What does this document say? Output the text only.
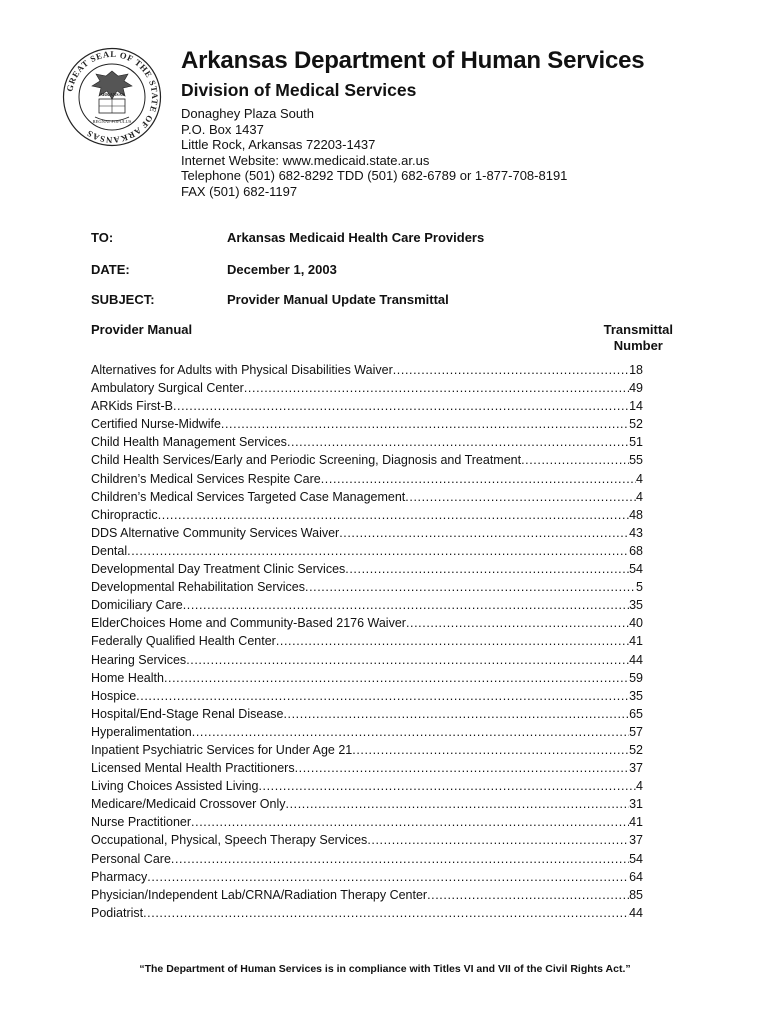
GREAT SEAL OF THE STATE OF ARKANSAS
REGNAT POPULUS
ARKANSAS
Arkansas Department of Human Services
Division of Medical Services
Donaghey Plaza South
P.O. Box 1437
Little Rock, Arkansas 72203-1437
Internet Website: www.medicaid.state.ar.us
Telephone (501) 682-8292 TDD (501) 682-6789 or 1-877-708-8191
FAX (501) 682-1197
TO:	Arkansas Medicaid Health Care Providers
DATE:	December 1, 2003
SUBJECT:	Provider Manual Update Transmittal
Provider Manual	Transmittal
Number
Alternatives for Adults with Physical Disabilities Waiver .....	18
Ambulatory Surgical Center .....	49
ARKids First-B .....	14
Certified Nurse-Midwife .....	52
Child Health Management Services .....	51
Child Health Services/Early and Periodic Screening, Diagnosis and Treatment .....	55
Children’s Medical Services Respite Care .....	4
Children’s Medical Services Targeted Case Management .....	4
Chiropractic .....	48
DDS Alternative Community Services Waiver .....	43
Dental .....	68
Developmental Day Treatment Clinic Services .....	54
Developmental Rehabilitation Services .....	5
Domiciliary Care .....	35
ElderChoices Home and Community-Based 2176 Waiver .....	40
Federally Qualified Health Center .....	41
Hearing Services .....	44
Home Health .....	59
Hospice .....	35
Hospital/End-Stage Renal Disease .....	65
Hyperalimentation .....	57
Inpatient Psychiatric Services for Under Age 21 .....	52
Licensed Mental Health Practitioners .....	37
Living Choices Assisted Living .....	4
Medicare/Medicaid Crossover Only .....	31
Nurse Practitioner .....	41
Occupational, Physical, Speech Therapy Services .....	37
Personal Care .....	54
Pharmacy .....	64
Physician/Independent Lab/CRNA/Radiation Therapy Center .....	85
Podiatrist .....	44
“The Department of Human Services is in compliance with Titles VI and VII of the Civil Rights Act.”
